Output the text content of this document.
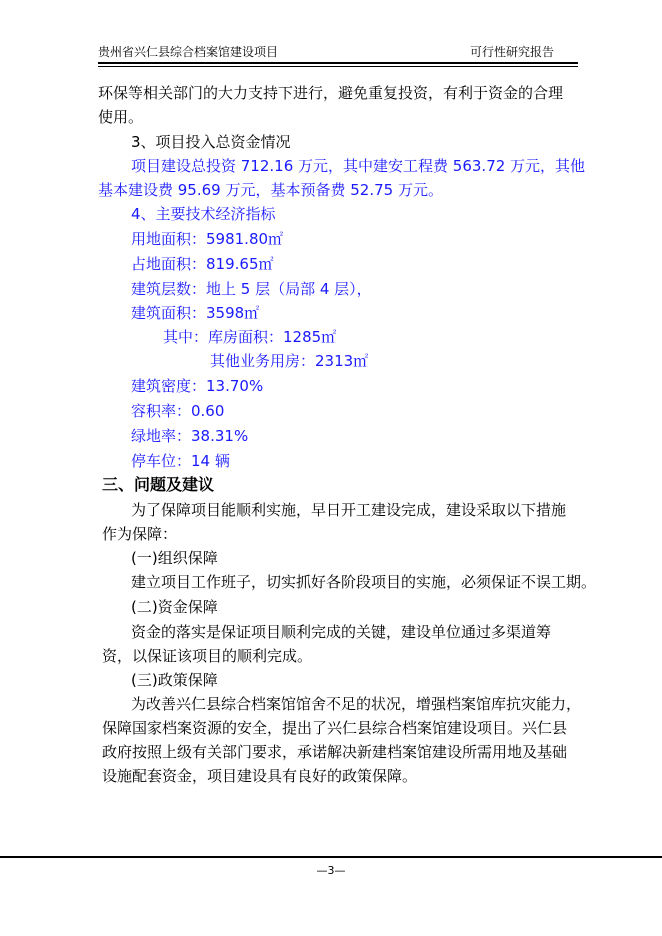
贵州省兴仁县综合档案馆建设项目	可行性研究报告
环保等相关部门的大力支持下进行，避免重复投资，有利于资金的合理
使用。
3、项目投入总资金情况
项目建设总投资 712.16 万元，其中建安工程费 563.72 万元，其他
基本建设费 95.69 万元，基本预备费 52.75 万元。
4、主要技术经济指标
用地面积：5981.80㎡
占地面积：819.65㎡
建筑层数：地上 5 层（局部 4 层），
建筑面积：3598㎡
其中：库房面积：1285㎡
其他业务用房：2313㎡
建筑密度：13.70%
容积率：0.60
绿地率：38.31%
停车位：14 辆
三、问题及建议
为了保障项目能顺利实施，早日开工建设完成，建设采取以下措施
作为保障：
(一)组织保障
建立项目工作班子，切实抓好各阶段项目的实施，必须保证不误工期。
(二)资金保障
资金的落实是保证项目顺利完成的关键，建设单位通过多渠道筹
资，以保证该项目的顺利完成。
(三)政策保障
为改善兴仁县综合档案馆馆舍不足的状况，增强档案馆库抗灾能力，
保障国家档案资源的安全，提出了兴仁县综合档案馆建设项目。兴仁县
政府按照上级有关部门要求，承诺解决新建档案馆建设所需用地及基础
设施配套资金，项目建设具有良好的政策保障。
—3—
